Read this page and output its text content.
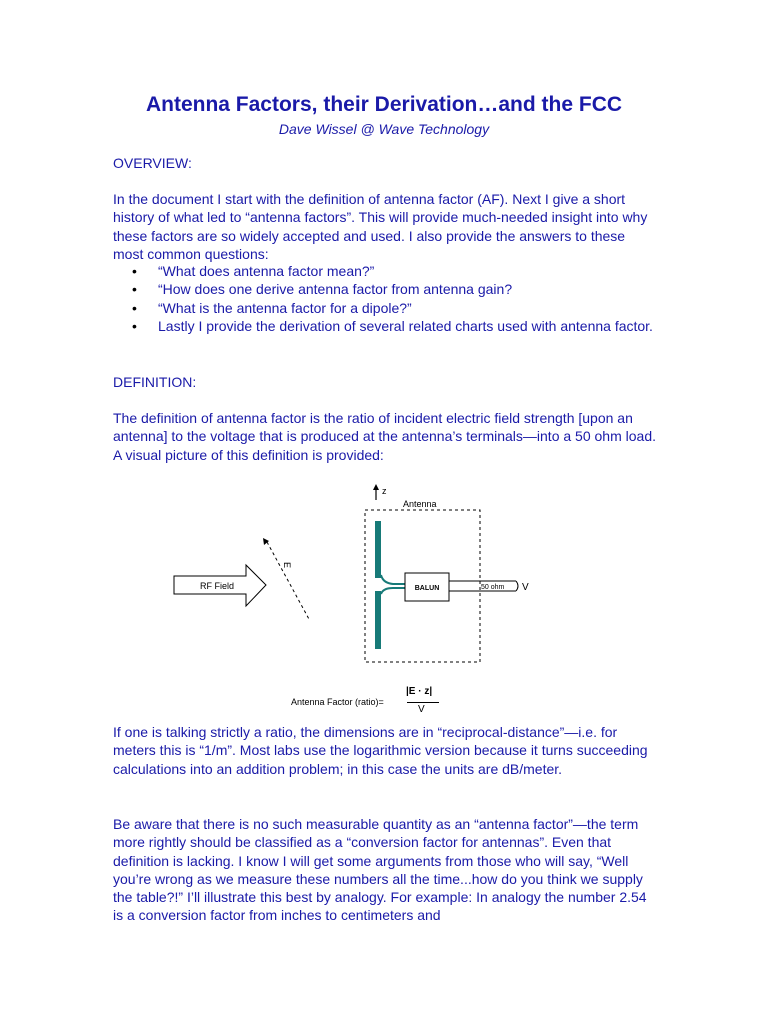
Antenna Factors, their Derivation…and the FCC
Dave Wissel @ Wave Technology
OVERVIEW:
In the document I start with the definition of antenna factor (AF). Next I give a short history of what led to “antenna factors”. This will provide much-needed insight into why these factors are so widely accepted and used. I also provide the answers to these most common questions:
• “What does antenna factor mean?”
• “How does one derive antenna factor from antenna gain?
• “What is the antenna factor for a dipole?”
• Lastly I provide the derivation of several related charts used with antenna factor.
DEFINITION:
The definition of antenna factor is the ratio of incident electric field strength [upon an antenna] to the voltage that is produced at the antenna’s terminals—into a 50 ohm load. A visual picture of this definition is provided:
z
Antenna
BALUN	50 ohm V
RF Field
E
Antenna Factor (ratio)=
|E · z|
V
If one is talking strictly a ratio, the dimensions are in “reciprocal-distance”—i.e. for meters this is “1/m”. Most labs use the logarithmic version because it turns succeeding calculations into an addition problem; in this case the units are dB/meter.
Be aware that there is no such measurable quantity as an “antenna factor”—the term more rightly should be classified as a “conversion factor for antennas”. Even that definition is lacking. I know I will get some arguments from those who will say, “Well you’re wrong as we measure these numbers all the time...how do you think we supply the table?!” I’ll illustrate this best by analogy. For example: In analogy the number 2.54 is a conversion factor from inches to centimeters and
